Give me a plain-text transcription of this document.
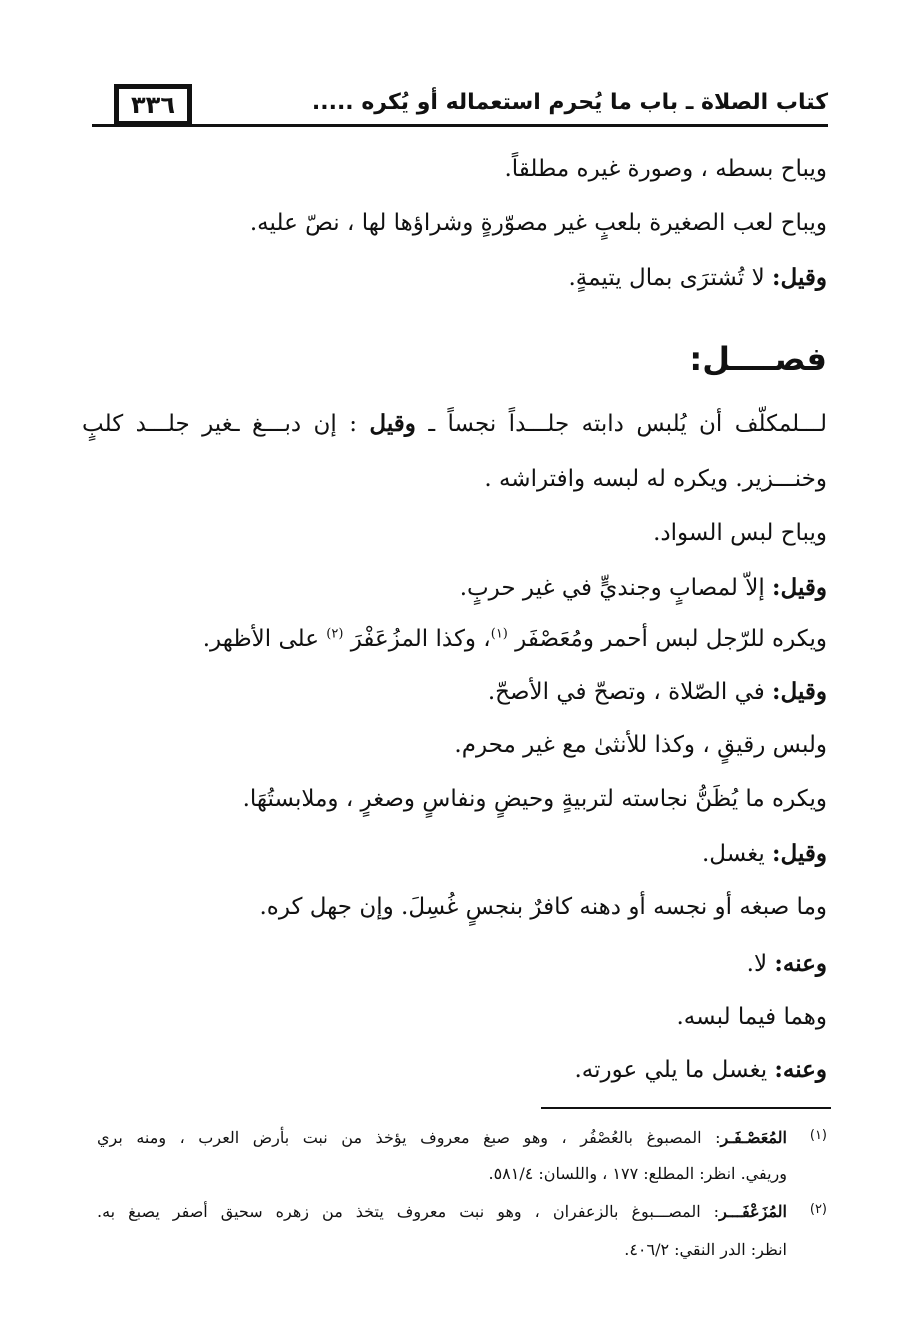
كتاب الصلاة ـ باب ما يُحرم استعماله أو يُكره .....
٣٣٦
ويباح بسطه ، وصورة غيره مطلقاً.
ويباح لعب الصغيرة بلعبٍ غير مصوّرةٍ وشراؤها لها ، نصّ عليه.
وقيل: لا تُشترَى بمال يتيمةٍ.
فصــــل:
لـــلمكلّف أن يُلبس دابته جلـــداً نجساً ـ وقيل : إن دبـــغ ـغير جلـــد كلبٍ
وخنـــزير. ويكره له لبسه وافتراشه .
ويباح لبس السواد.
وقيل: إلاّ لمصابٍ وجنديٍّ في غير حربٍ.
ويكره للرّجل لبس أحمر ومُعَصْفَر $^{(١)}$، وكذا المزُعَفْرَ $^{(٢)}$ على الأظهر.
وقيل: في الصّلاة ، وتصحّ في الأصحّ.
ولبس رقيقٍ ، وكذا للأنثىٰ مع غير محرم.
ويكره ما يُظَنُّ نجاسته لتربيةٍ وحيضٍ ونفاسٍ وصغرٍ ، وملابستُهَا.
وقيل: يغسل.
وما صبغه أو نجسه أو دهنه كافرٌ بنجسٍ غُسِلَ. وإن جهل كره.
وعنه: لا.
وهما فيما لبسه.
وعنه: يغسل ما يلي عورته.
(١)
المُعَصْـفَـر: المصبوغ بالعُصْفُر ، وهو صبغ معروف يؤخذ من نبت بأرض العرب ، ومنه بري
وريفي. انظر: المطلع: ١٧٧ ، واللسان: ٥٨١/٤.
(٢)
المُزَعْفَـــر: المصـــبوغ بالزعفران ، وهو نبت معروف يتخذ من زهره سحيق أصفر يصبغ به.
انظر: الدر النقي: ٤٠٦/٢.
